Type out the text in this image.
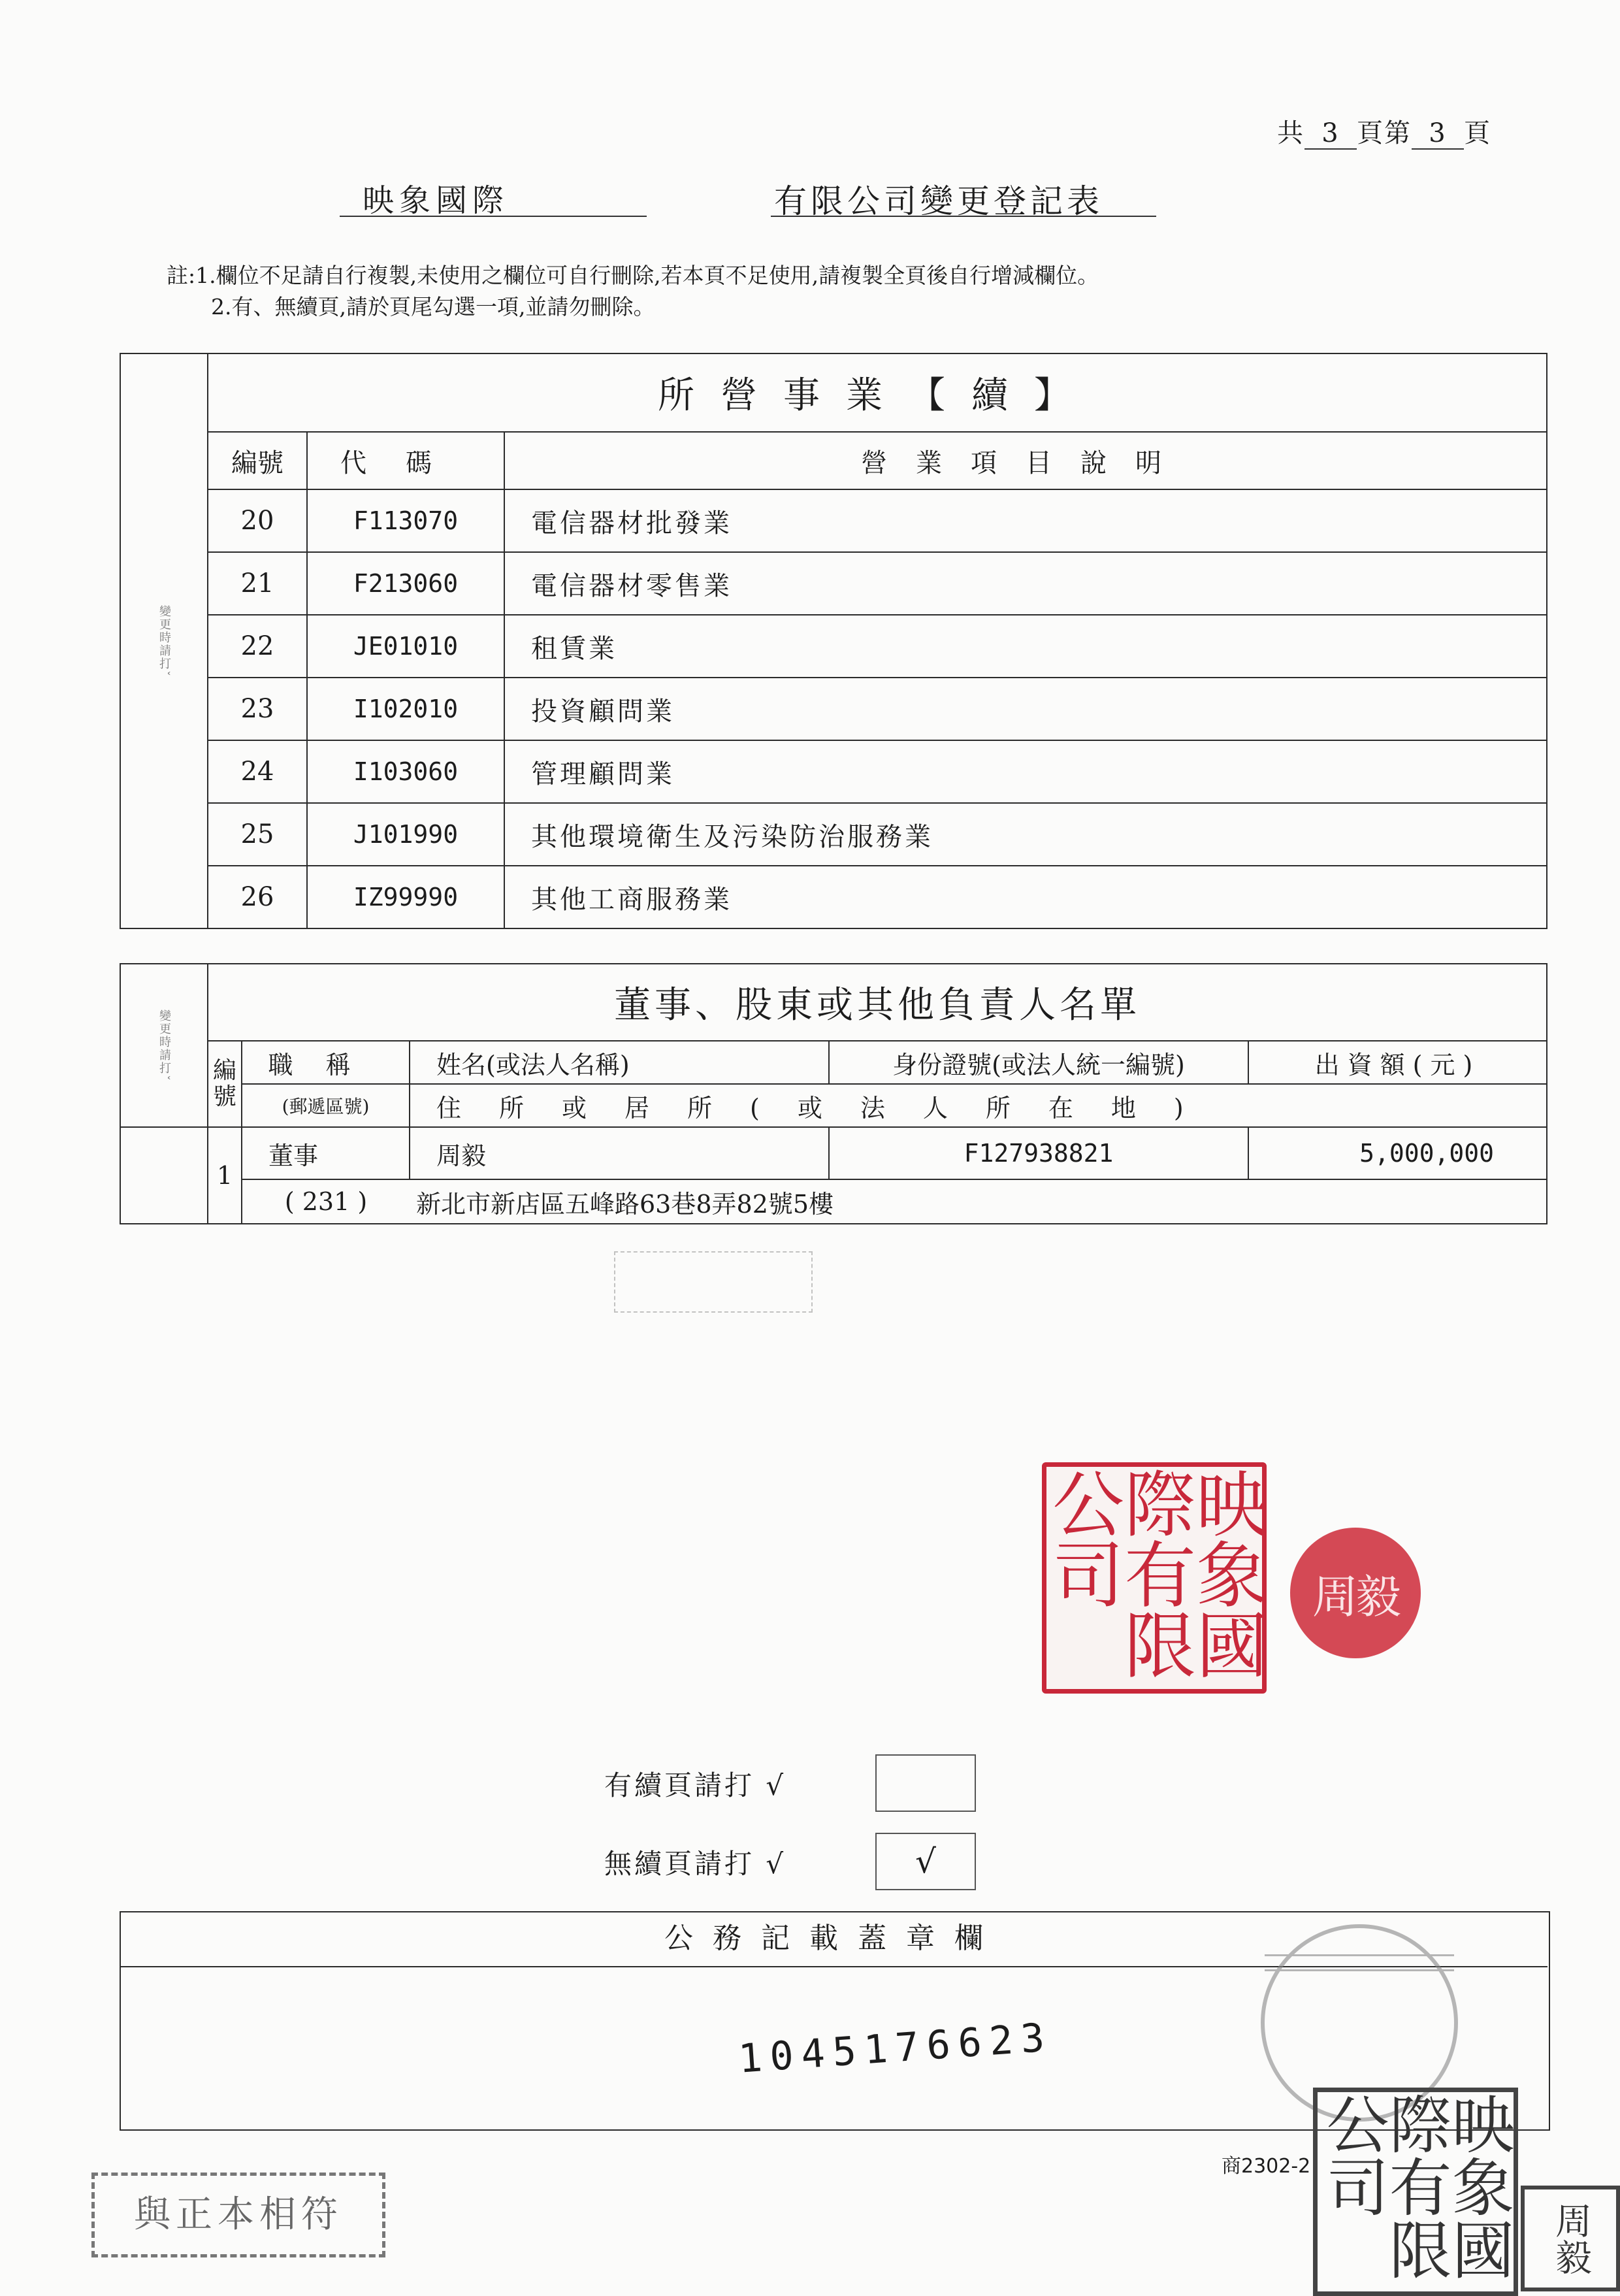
共 3 頁第 3 頁
映象國際	有限公司變更登記表
註:1.欄位不足請自行複製,未使用之欄位可自行刪除,若本頁不足使用,請複製全頁後自行增減欄位。
2.有、無續頁,請於頁尾勾選一項,並請勿刪除。
變更時請打ˇ	所營事業【續】		
	編號	代碼	營業項目說明
	20	F113070	電信器材批發業
	21	F213060	電信器材零售業
	22	JE01010	租賃業
	23	I102010	投資顧問業
	24	I103060	管理顧問業
	25	J101990	其他環境衛生及污染防治服務業
	26	IZ99990	其他工商服務業
變更時請打ˇ	董事、股東或其他負責人名單				
	編號	職稱	姓名(或法人名稱)	身份證號(或法人統一編號)	出資額(元)
		(郵遞區號)	住所或居所(或法人所在地)		
	1	董事	周毅	F127938821	5,000,000
		( 231 )	新北市新店區五峰路63巷8弄82號5樓		
映象國際有限公司	周毅
有續頁請打 √
無續頁請打 √	√
公務記載蓋章欄
1045176623
商2302-2
與正本相符	映象國際有限公司
周毅
